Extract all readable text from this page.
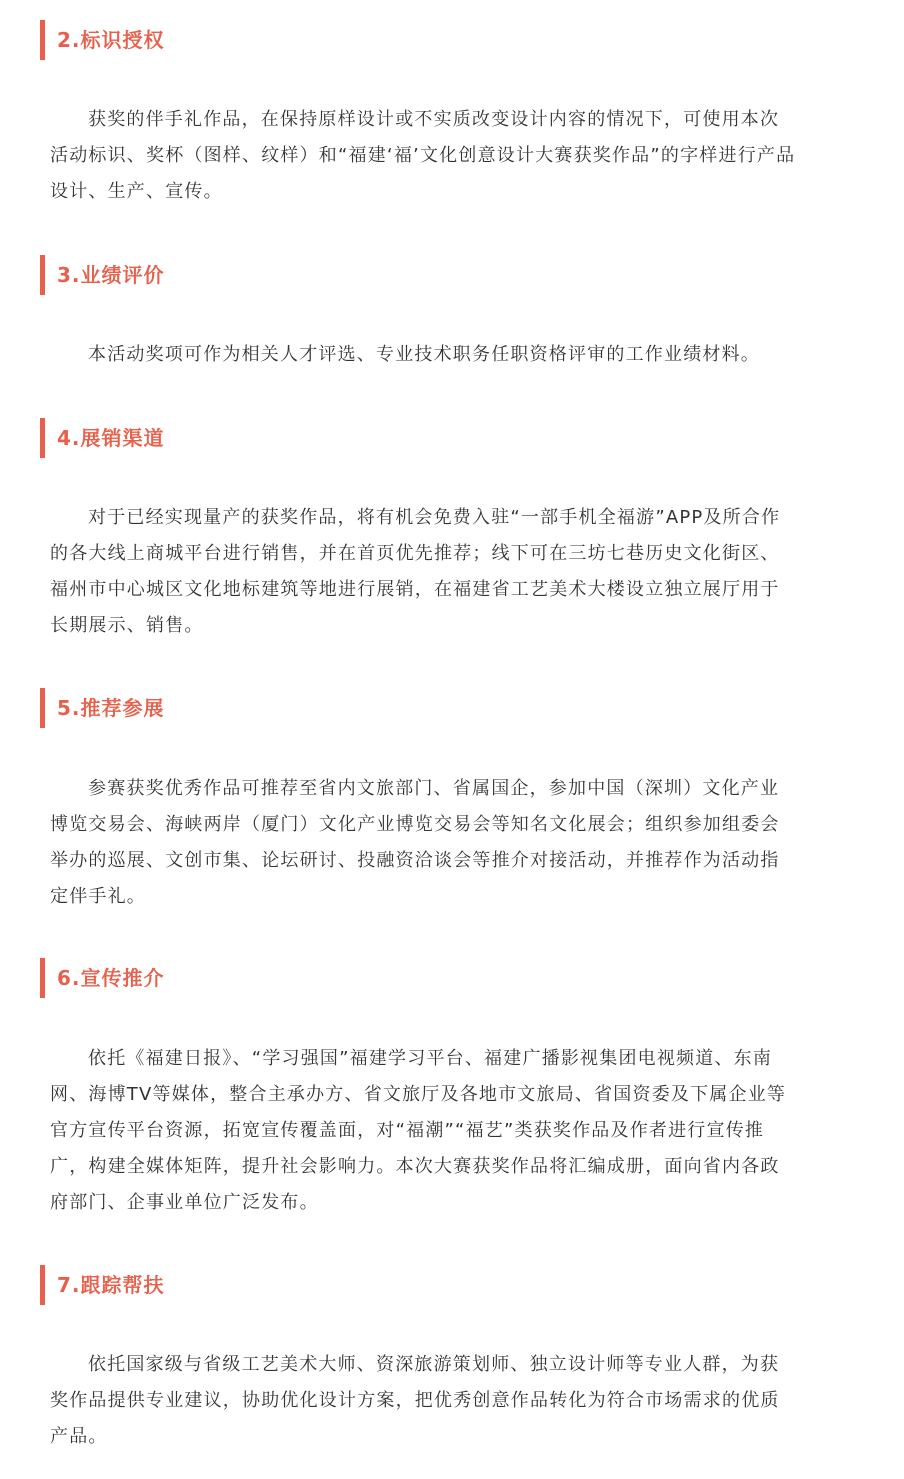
2.标识授权
获奖的伴手礼作品，在保持原样设计或不实质改变设计内容的情况下，可使用本次
活动标识、奖杯（图样、纹样）和“福建‘福’文化创意设计大赛获奖作品”的字样进行产品
设计、生产、宣传。
3.业绩评价
本活动奖项可作为相关人才评选、专业技术职务任职资格评审的工作业绩材料。
4.展销渠道
对于已经实现量产的获奖作品，将有机会免费入驻“一部手机全福游”APP及所合作
的各大线上商城平台进行销售，并在首页优先推荐；线下可在三坊七巷历史文化街区、
福州市中心城区文化地标建筑等地进行展销，在福建省工艺美术大楼设立独立展厅用于
长期展示、销售。
5.推荐参展
参赛获奖优秀作品可推荐至省内文旅部门、省属国企，参加中国（深圳）文化产业
博览交易会、海峡两岸（厦门）文化产业博览交易会等知名文化展会；组织参加组委会
举办的巡展、文创市集、论坛研讨、投融资洽谈会等推介对接活动，并推荐作为活动指
定伴手礼。
6.宣传推介
依托《福建日报》、“学习强国”福建学习平台、福建广播影视集团电视频道、东南
网、海博TV等媒体，整合主承办方、省文旅厅及各地市文旅局、省国资委及下属企业等
官方宣传平台资源，拓宽宣传覆盖面，对“福潮”“福艺”类获奖作品及作者进行宣传推
广，构建全媒体矩阵，提升社会影响力。本次大赛获奖作品将汇编成册，面向省内各政
府部门、企事业单位广泛发布。
7.跟踪帮扶
依托国家级与省级工艺美术大师、资深旅游策划师、独立设计师等专业人群，为获
奖作品提供专业建议，协助优化设计方案，把优秀创意作品转化为符合市场需求的优质
产品。
